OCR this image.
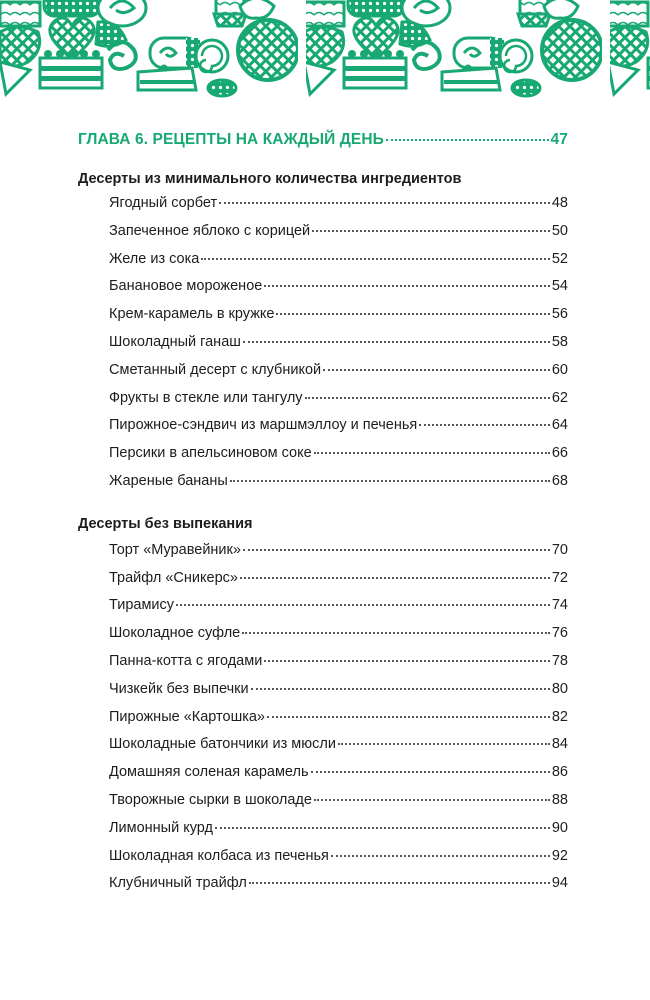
ГЛАВА 6. РЕЦЕПТЫ НА КАЖДЫЙ ДЕНЬ	47
Десерты из минимального количества ингредиентов
Ягодный сорбет	48
Запеченное яблоко с корицей	50
Желе из сока	52
Банановое мороженое	54
Крем-карамель в кружке	56
Шоколадный ганаш	58
Сметанный десерт с клубникой	60
Фрукты в стекле или тангулу	62
Пирожное-сэндвич из маршмэллоу и печенья	64
Персики в апельсиновом соке	66
Жареные бананы	68
Десерты без выпекания
Торт «Муравейник»	70
Трайфл «Сникерс»	72
Тирамису	74
Шоколадное суфле	76
Панна-котта с ягодами	78
Чизкейк без выпечки	80
Пирожные «Картошка»	82
Шоколадные батончики из мюсли	84
Домашняя соленая карамель	86
Творожные сырки в шоколаде	88
Лимонный курд	90
Шоколадная колбаса из печенья	92
Клубничный трайфл	94
